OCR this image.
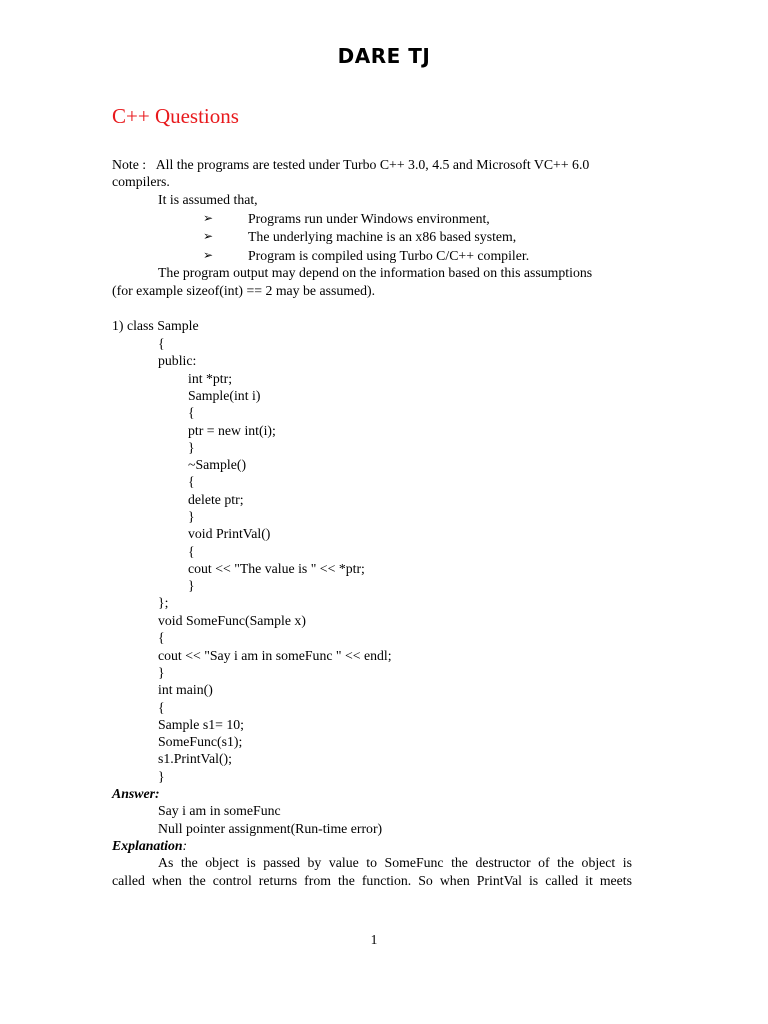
DARE TJ
C++ Questions
Note :   All the programs are tested under Turbo C++ 3.0, 4.5 and Microsoft VC++ 6.0
compilers.
It is assumed that,
➢	Programs run under Windows environment,
➢	The underlying machine is an x86 based system,
➢	Program is compiled using Turbo C/C++ compiler.
The program output may depend on the information based on this assumptions
(for example sizeof(int) == 2 may be assumed).
1) class Sample
{
public:
int *ptr;
Sample(int i)
{
ptr = new int(i);
}
~Sample()
{
delete ptr;
}
void PrintVal()
{
cout << "The value is " << *ptr;
}
};
void SomeFunc(Sample x)
{
cout << "Say i am in someFunc " << endl;
}
int main()
{
Sample s1= 10;
SomeFunc(s1);
s1.PrintVal();
}
Answer:
Say i am in someFunc
Null pointer assignment(Run-time error)
Explanation:
As the object is passed by value to SomeFunc the destructor of the object is
called when the control returns from the function. So when PrintVal is called it meets
1
